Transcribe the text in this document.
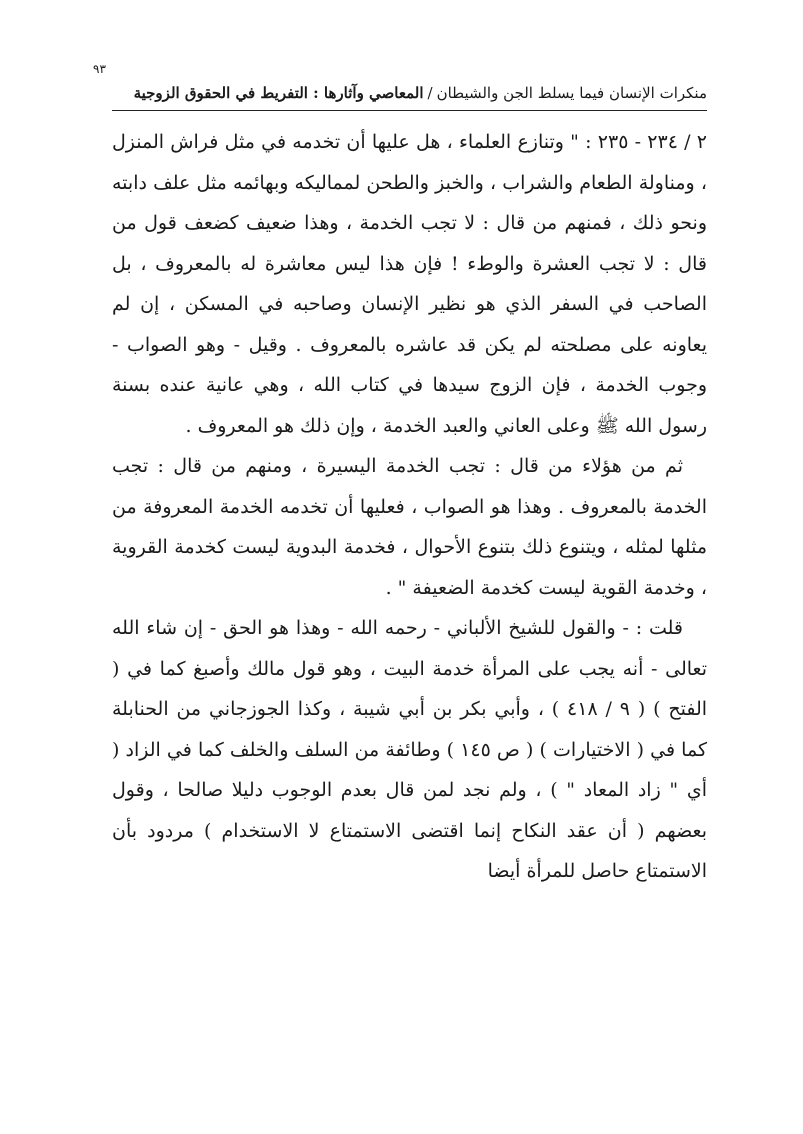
٩٣
منكرات الإنسان فيما يسلط الجن والشيطان
/
المعاصي وآثارها : التفريط في الحقوق الزوجية

٢ / ٢٣٤ - ٢٣٥ : " وتنازع العلماء ، هل عليها أن تخدمه في مثل فراش المنزل ، ومناولة الطعام والشراب ، والخبز والطحن لمماليكه وبهائمه مثل علف دابته ونحو ذلك ، فمنهم من قال : لا تجب الخدمة ، وهذا ضعيف كضعف قول من قال : لا تجب العشرة والوطء ! فإن هذا ليس معاشرة له بالمعروف ، بل الصاحب في السفر الذي هو نظير الإنسان وصاحبه في المسكن ، إن لم يعاونه على مصلحته لم يكن قد عاشره بالمعروف . وقيل - وهو الصواب - وجوب الخدمة ، فإن الزوج سيدها في كتاب الله ، وهي عانية عنده بسنة رسول الله ﷺ وعلى العاني والعبد الخدمة ، وإن ذلك هو المعروف .

ثم من هؤلاء من قال : تجب الخدمة اليسيرة ، ومنهم من قال : تجب الخدمة بالمعروف . وهذا هو الصواب ، فعليها أن تخدمه الخدمة المعروفة من مثلها لمثله ، ويتنوع ذلك بتنوع الأحوال ، فخدمة البدوية ليست كخدمة القروية ، وخدمة القوية ليست كخدمة الضعيفة " .

قلت : - والقول للشيخ الألباني - رحمه الله - وهذا هو الحق - إن شاء الله تعالى - أنه يجب على المرأة خدمة البيت ، وهو قول مالك وأصبغ كما في ( الفتح ) ( ٩ / ٤١٨ ) ، وأبي بكر بن أبي شيبة ، وكذا الجوزجاني من الحنابلة كما في ( الاختيارات ) ( ص ١٤٥ ) وطائفة من السلف والخلف كما في الزاد ( أي " زاد المعاد " ) ، ولم نجد لمن قال بعدم الوجوب دليلا صالحا ، وقول بعضهم ( أن عقد النكاح إنما اقتضى الاستمتاع لا الاستخدام ) مردود بأن الاستمتاع حاصل للمرأة أيضا
